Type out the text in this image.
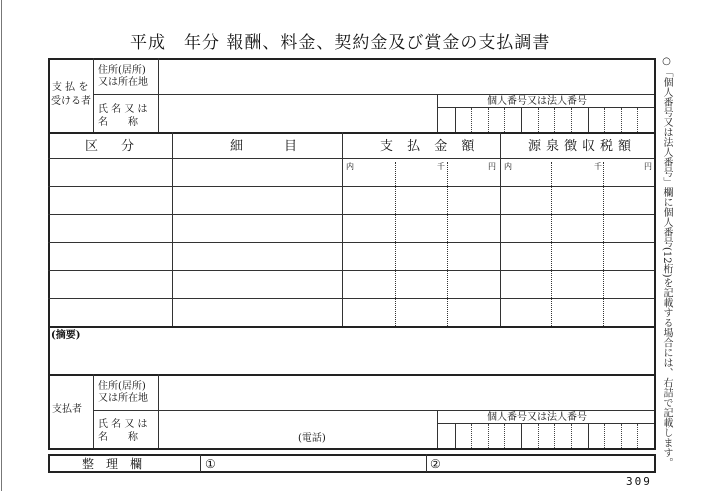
平成　年分 報酬、料金、契約金及び賞金の支払調書
支 払 を
受ける者
住所(居所)
又は所在地
氏 名 又 は
名　　称
個人番号又は法人番号
区　分	細　　目	支 払 金 額	源泉徴収税額
内	千	円 内	千	円
(摘要)
支払者
住所(居所)
又は所在地
氏 名 又 は
名　　称	(電話)
個人番号又は法人番号
整　理　欄	①	②
309
○「個人番号又は法人番号」欄に個人番号(12桁)を記載する場合には、右詰で記載します。
